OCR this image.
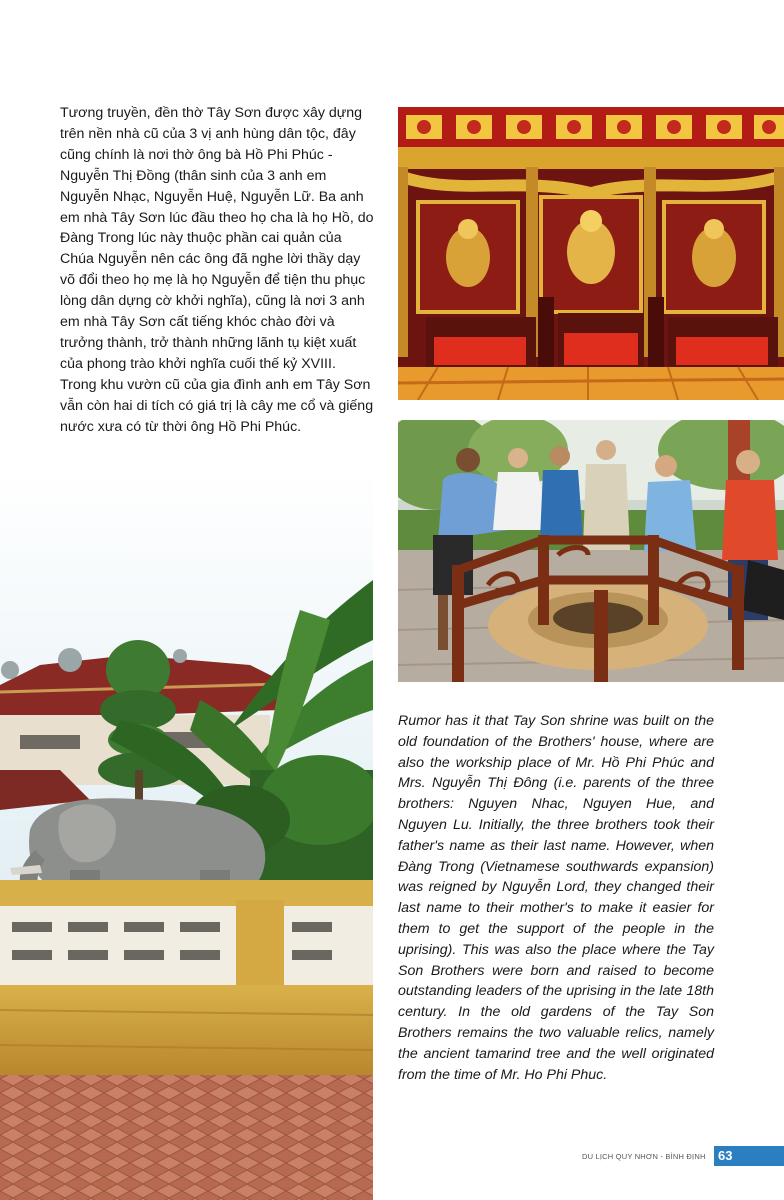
Tương truyền, đền thờ Tây Sơn được xây dựng trên nền nhà cũ của 3 vị anh hùng dân tộc, đây cũng chính là nơi thờ ông bà Hồ Phi Phúc - Nguyễn Thị Đồng (thân sinh của 3 anh em Nguyễn Nhạc, Nguyễn Huệ, Nguyễn Lữ. Ba anh em nhà Tây Sơn lúc đầu theo họ cha là họ Hồ, do Đàng Trong lúc này thuộc phần cai quản của Chúa Nguyễn nên các ông đã nghe lời thầy dạy võ đổi theo họ mẹ là họ Nguyễn để tiện thu phục lòng dân dựng cờ khởi nghĩa), cũng là nơi 3 anh em nhà Tây Sơn cất tiếng khóc chào đời và trưởng thành, trở thành những lãnh tụ kiệt xuất của phong trào khởi nghĩa cuối thế kỷ XVIII. Trong khu vườn cũ của gia đình anh em Tây Sơn vẫn còn hai di tích có giá trị là cây me cổ và giếng nước xưa có từ thời ông Hồ Phi Phúc.

Rumor has it that Tay Son shrine was built on the old foundation of the Brothers' house, where are also the workship place of Mr. Hồ Phi Phúc and Mrs. Nguyễn Thị Đông (i.e. parents of the three brothers: Nguyen Nhac, Nguyen Hue, and Nguyen Lu. Initially, the three brothers took their father's name as their last name. However, when Đàng Trong (Vietnamese southwards expansion) was reigned by Nguyễn Lord, they changed their last name to their mother's to make it easier for them to get the support of the people in the uprising). This was also the place where the Tay Son Brothers were born and raised to become outstanding leaders of the uprising in the late 18th century. In the old gardens of the Tay Son Brothers remains the two valuable relics, namely the ancient tamarind tree and the well originated from the time of Mr. Ho Phi Phuc.

DU LỊCH QUY NHƠN - BÌNH ĐỊNH 63
